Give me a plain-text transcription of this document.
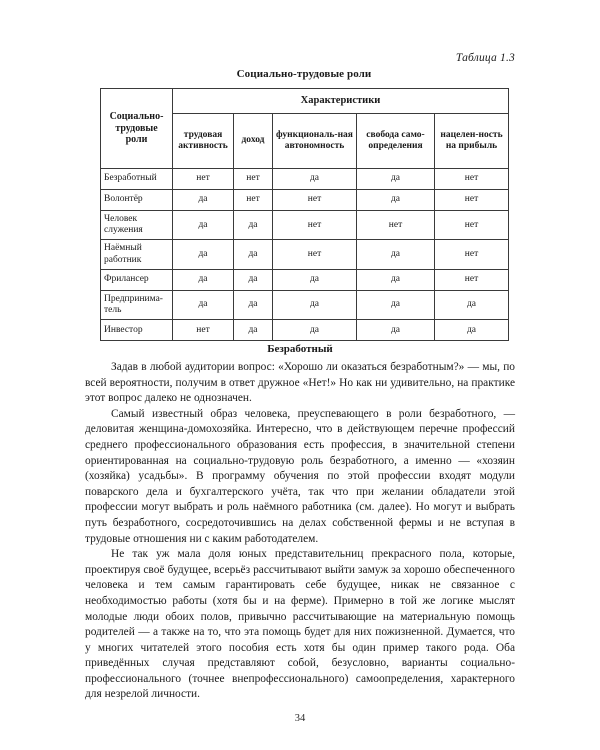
Таблица 1.3
Социально-трудовые роли
Социально-трудовые роли	Характеристики				
	трудовая активность	доход	функциональ-ная автономность	свобода само-определения	нацелен-ность на прибыль
Безработный	нет	нет	да	да	нет
Волонтёр	да	нет	нет	да	нет
Человек служения	да	да	нет	нет	нет
Наёмный работник	да	да	нет	да	нет
Фрилансер	да	да	да	да	нет
Предпринима-тель	да	да	да	да	да
Инвестор	нет	да	да	да	да
Безработный

Задав в любой аудитории вопрос: «Хорошо ли оказаться безработным?» — мы, по всей вероятности, получим в ответ дружное «Нет!» Но как ни удивительно, на практике этот вопрос далеко не однозначен.

Самый известный образ человека, преуспевающего в роли безработного, — деловитая женщина-домохозяйка. Интересно, что в действующем перечне профессий среднего профессионального образования есть профессия, в значительной степени ориентированная на социально-трудовую роль безработного, а именно — «хозяин (хозяйка) усадьбы». В программу обучения по этой профессии входят модули поварского дела и бухгалтерского учёта, так что при желании обладатели этой профессии могут выбрать и роль наёмного работника (см. далее). Но могут и выбрать путь безработного, сосредоточившись на делах собственной фермы и не вступая в трудовые отношения ни с каким работодателем.

Не так уж мала доля юных представительниц прекрасного пола, которые, проектируя своё будущее, всерьёз рассчитывают выйти замуж за хорошо обеспеченного человека и тем самым гарантировать себе будущее, никак не связанное с необходимостью работы (хотя бы и на ферме). Примерно в той же логике мыслят молодые люди обоих полов, привычно рассчитывающие на материальную помощь родителей — а также на то, что эта помощь будет для них пожизненной. Думается, что у многих читателей этого пособия есть хотя бы один пример такого рода. Оба приведённых случая представляют собой, безусловно, варианты социально-профессионального (точнее внепрофессионального) самоопределения, характерного для незрелой личности.

34
